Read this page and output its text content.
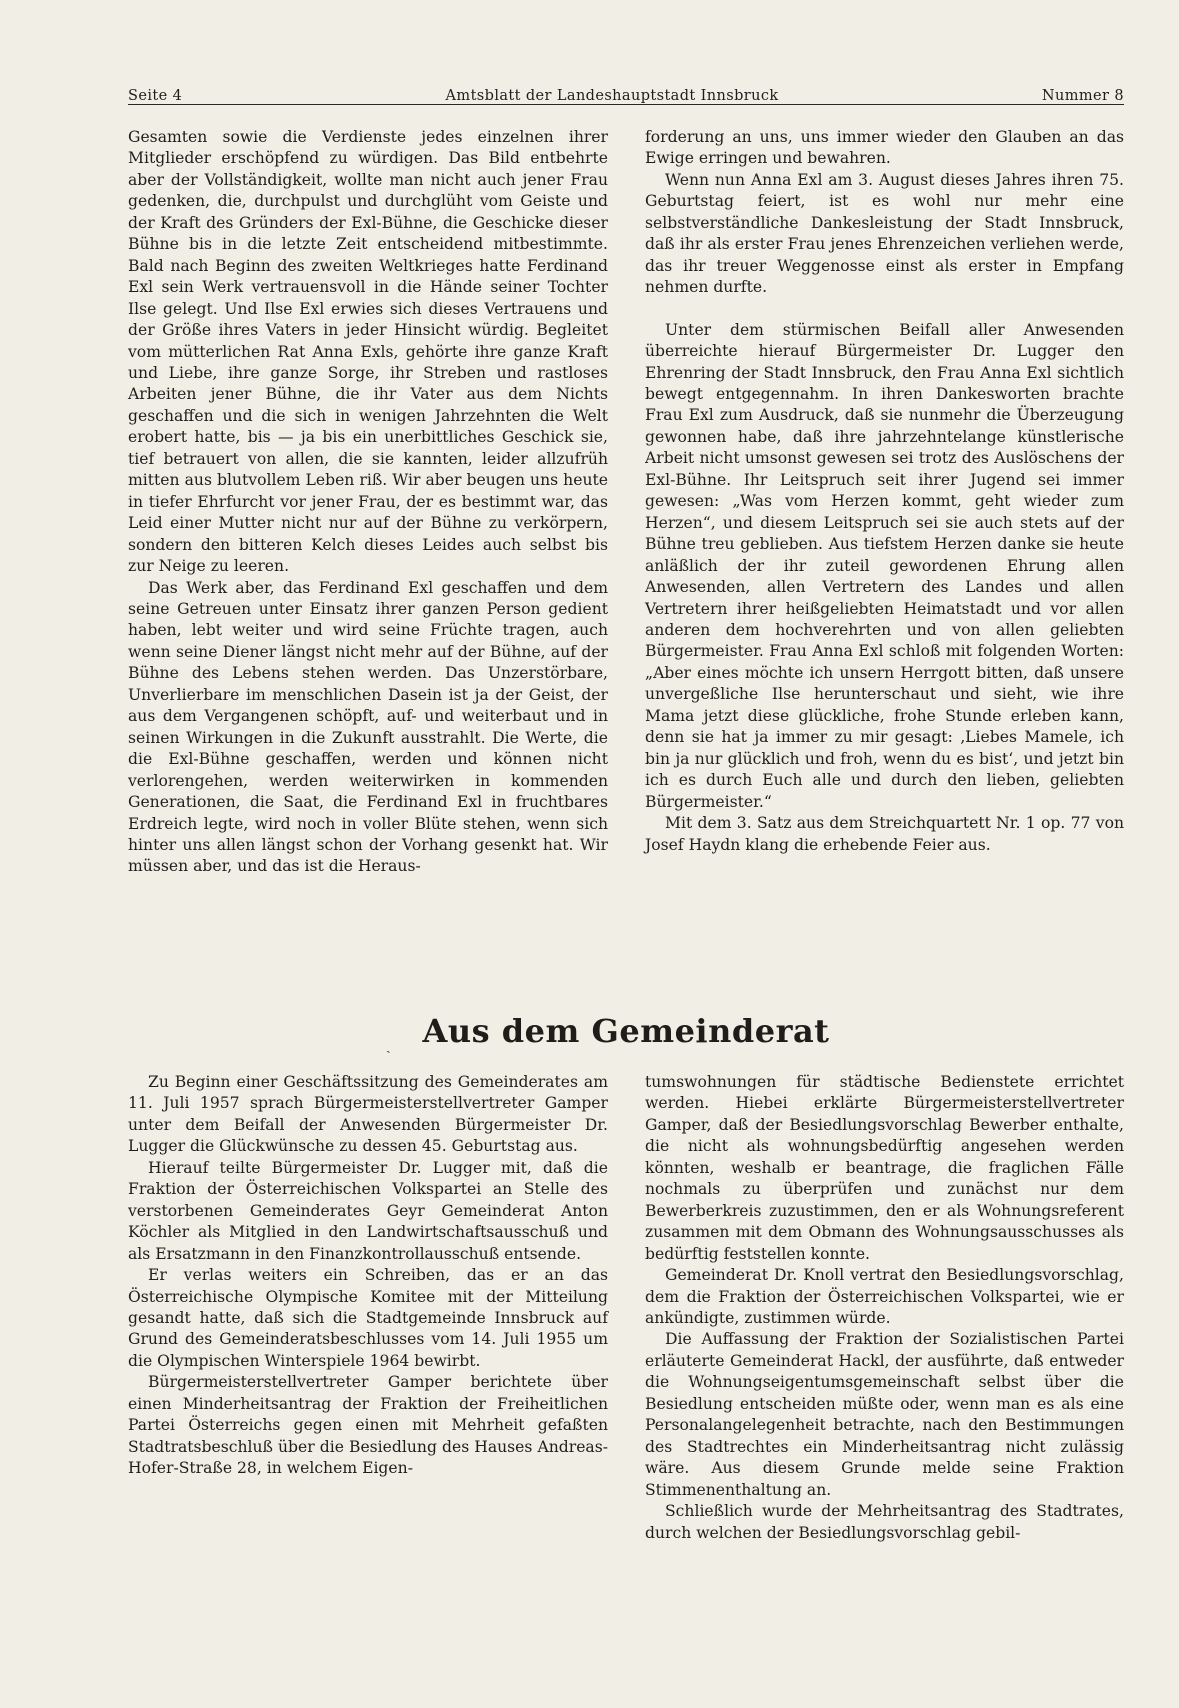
Seite 4	Amtsblatt der Landeshauptstadt Innsbruck	Nummer 8

Gesamten sowie die Verdienste jedes einzelnen ihrer Mitglieder erschöpfend zu würdigen. Das Bild entbehrte aber der Vollständigkeit, wollte man nicht auch jener Frau gedenken, die, durchpulst und durchglüht vom Geiste und der Kraft des Gründers der Exl-Bühne, die Geschicke dieser Bühne bis in die letzte Zeit entscheidend mitbestimmte. Bald nach Beginn des zweiten Weltkrieges hatte Ferdinand Exl sein Werk vertrauensvoll in die Hände seiner Tochter Ilse gelegt. Und Ilse Exl erwies sich dieses Vertrauens und der Größe ihres Vaters in jeder Hinsicht würdig. Begleitet vom mütterlichen Rat Anna Exls, gehörte ihre ganze Kraft und Liebe, ihre ganze Sorge, ihr Streben und rastloses Arbeiten jener Bühne, die ihr Vater aus dem Nichts geschaffen und die sich in wenigen Jahrzehnten die Welt erobert hatte, bis — ja bis ein unerbittliches Geschick sie, tief betrauert von allen, die sie kannten, leider allzufrüh mitten aus blutvollem Leben riß. Wir aber beugen uns heute in tiefer Ehrfurcht vor jener Frau, der es bestimmt war, das Leid einer Mutter nicht nur auf der Bühne zu verkörpern, sondern den bitteren Kelch dieses Leides auch selbst bis zur Neige zu leeren.

Das Werk aber, das Ferdinand Exl geschaffen und dem seine Getreuen unter Einsatz ihrer ganzen Person gedient haben, lebt weiter und wird seine Früchte tragen, auch wenn seine Diener längst nicht mehr auf der Bühne, auf der Bühne des Lebens stehen werden. Das Unzerstörbare, Unverlierbare im menschlichen Dasein ist ja der Geist, der aus dem Vergangenen schöpft, auf- und weiterbaut und in seinen Wirkungen in die Zukunft ausstrahlt. Die Werte, die die Exl-Bühne geschaffen, werden und können nicht verlorengehen, werden weiterwirken in kommenden Generationen, die Saat, die Ferdinand Exl in fruchtbares Erdreich legte, wird noch in voller Blüte stehen, wenn sich hinter uns allen längst schon der Vorhang gesenkt hat. Wir müssen aber, und das ist die Heraus-

forderung an uns, uns immer wieder den Glauben an das Ewige erringen und bewahren.

Wenn nun Anna Exl am 3. August dieses Jahres ihren 75. Geburtstag feiert, ist es wohl nur mehr eine selbstverständliche Dankesleistung der Stadt Innsbruck, daß ihr als erster Frau jenes Ehrenzeichen verliehen werde, das ihr treuer Weggenosse einst als erster in Empfang nehmen durfte.

Unter dem stürmischen Beifall aller Anwesenden überreichte hierauf Bürgermeister Dr. Lugger den Ehrenring der Stadt Innsbruck, den Frau Anna Exl sichtlich bewegt entgegennahm. In ihren Dankesworten brachte Frau Exl zum Ausdruck, daß sie nunmehr die Überzeugung gewonnen habe, daß ihre jahrzehntelange künstlerische Arbeit nicht umsonst gewesen sei trotz des Auslöschens der Exl-Bühne. Ihr Leitspruch seit ihrer Jugend sei immer gewesen: „Was vom Herzen kommt, geht wieder zum Herzen“, und diesem Leitspruch sei sie auch stets auf der Bühne treu geblieben. Aus tiefstem Herzen danke sie heute anläßlich der ihr zuteil gewordenen Ehrung allen Anwesenden, allen Vertretern des Landes und allen Vertretern ihrer heißgeliebten Heimatstadt und vor allen anderen dem hochverehrten und von allen geliebten Bürgermeister. Frau Anna Exl schloß mit folgenden Worten: „Aber eines möchte ich unsern Herrgott bitten, daß unsere unvergeßliche Ilse herunterschaut und sieht, wie ihre Mama jetzt diese glückliche, frohe Stunde erleben kann, denn sie hat ja immer zu mir gesagt: ‚Liebes Mamele, ich bin ja nur glücklich und froh, wenn du es bist‘, und jetzt bin ich es durch Euch alle und durch den lieben, geliebten Bürgermeister.“

Mit dem 3. Satz aus dem Streichquartett Nr. 1 op. 77 von Josef Haydn klang die erhebende Feier aus.

ˏ Aus dem Gemeinderat

Zu Beginn einer Geschäftssitzung des Gemeinderates am 11. Juli 1957 sprach Bürgermeisterstellvertreter Gamper unter dem Beifall der Anwesenden Bürgermeister Dr. Lugger die Glückwünsche zu dessen 45. Geburtstag aus.

Hierauf teilte Bürgermeister Dr. Lugger mit, daß die Fraktion der Österreichischen Volkspartei an Stelle des verstorbenen Gemeinderates Geyr Gemeinderat Anton Köchler als Mitglied in den Landwirtschaftsausschuß und als Ersatzmann in den Finanzkontrollausschuß entsende.

Er verlas weiters ein Schreiben, das er an das Österreichische Olympische Komitee mit der Mitteilung gesandt hatte, daß sich die Stadtgemeinde Innsbruck auf Grund des Gemeinderatsbeschlusses vom 14. Juli 1955 um die Olympischen Winterspiele 1964 bewirbt.

Bürgermeisterstellvertreter Gamper berichtete über einen Minderheitsantrag der Fraktion der Freiheitlichen Partei Österreichs gegen einen mit Mehrheit gefaßten Stadtratsbeschluß über die Besiedlung des Hauses Andreas-Hofer-Straße 28, in welchem Eigen-

tumswohnungen für städtische Bedienstete errichtet werden. Hiebei erklärte Bürgermeisterstellvertreter Gamper, daß der Besiedlungsvorschlag Bewerber enthalte, die nicht als wohnungsbedürftig angesehen werden könnten, weshalb er beantrage, die fraglichen Fälle nochmals zu überprüfen und zunächst nur dem Bewerberkreis zuzustimmen, den er als Wohnungsreferent zusammen mit dem Obmann des Wohnungsausschusses als bedürftig feststellen konnte.

Gemeinderat Dr. Knoll vertrat den Besiedlungsvorschlag, dem die Fraktion der Österreichischen Volkspartei, wie er ankündigte, zustimmen würde.

Die Auffassung der Fraktion der Sozialistischen Partei erläuterte Gemeinderat Hackl, der ausführte, daß entweder die Wohnungseigentumsgemeinschaft selbst über die Besiedlung entscheiden müßte oder, wenn man es als eine Personalangelegenheit betrachte, nach den Bestimmungen des Stadtrechtes ein Minderheitsantrag nicht zulässig wäre. Aus diesem Grunde melde seine Fraktion Stimmenenthaltung an.

Schließlich wurde der Mehrheitsantrag des Stadtrates, durch welchen der Besiedlungsvorschlag gebil-
